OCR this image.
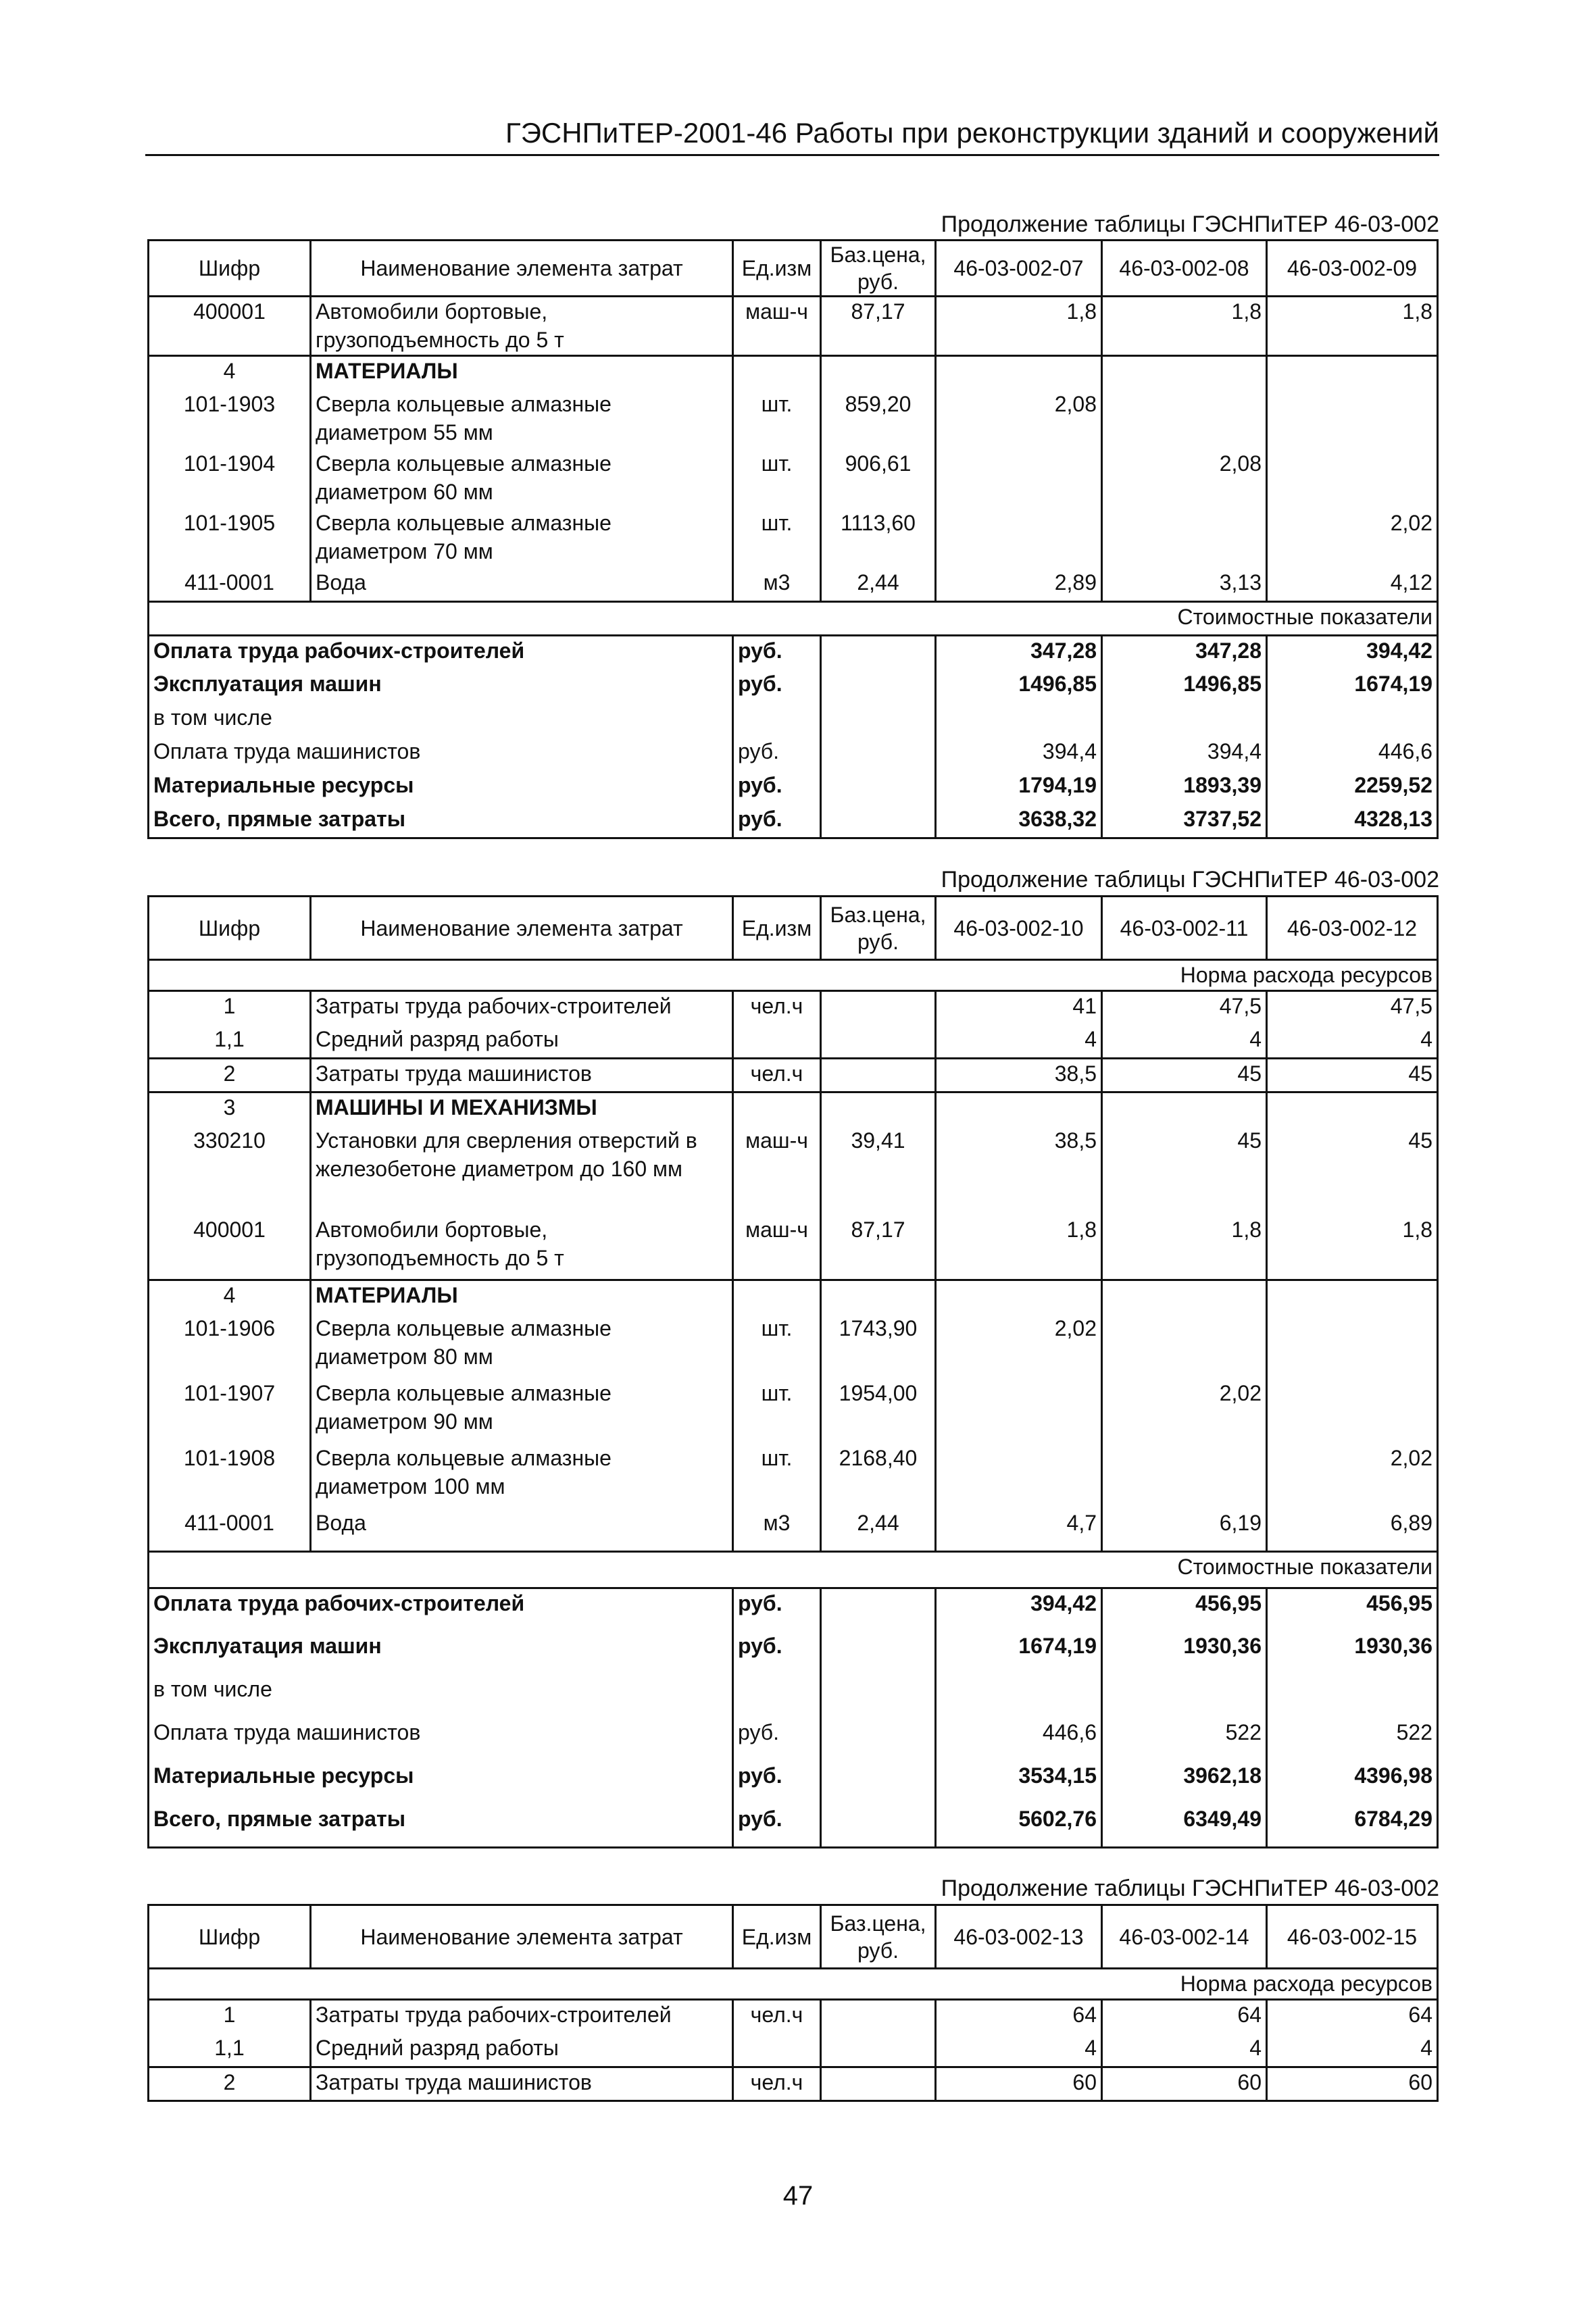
ГЭСНПиТЕР-2001-46 Работы при реконструкции зданий и сооружений
Продолжение таблицы ГЭСНПиТЕР 46-03-002
Шифр	Наименование элемента затрат	Ед.изм	Баз.цена, руб.	46-03-002-07	46-03-002-08	46-03-002-09
400001	Автомобили бортовые, грузоподъемность до 5 т	маш-ч	87,17	1,8	1,8	1,8
4	МАТЕРИАЛЫ					
101-1903	Сверла кольцевые алмазные диаметром 55 мм	шт.	859,20	2,08		
101-1904	Сверла кольцевые алмазные диаметром 60 мм	шт.	906,61		2,08	
101-1905	Сверла кольцевые алмазные диаметром 70 мм	шт.	1113,60			2,02
411-0001	Вода	м3	2,44	2,89	3,13	4,12
Стоимостные показатели						
Оплата труда рабочих-строителей		руб.		347,28	347,28	394,42
Эксплуатация машин		руб.		1496,85	1496,85	1674,19
в том числе						
Оплата труда машинистов		руб.		394,4	394,4	446,6
Материальные ресурсы		руб.		1794,19	1893,39	2259,52
Всего, прямые затраты		руб.		3638,32	3737,52	4328,13
Продолжение таблицы ГЭСНПиТЕР 46-03-002
Шифр	Наименование элемента затрат	Ед.изм	Баз.цена, руб.	46-03-002-10	46-03-002-11	46-03-002-12
Норма расхода ресурсов						
1	Затраты труда рабочих-строителей	чел.ч		41	47,5	47,5
1,1	Средний разряд работы			4	4	4
2	Затраты труда машинистов	чел.ч		38,5	45	45
3	МАШИНЫ И МЕХАНИЗМЫ					
330210	Установки для сверления отверстий в железобетоне диаметром до 160 мм	маш-ч	39,41	38,5	45	45
400001	Автомобили бортовые, грузоподъемность до 5 т	маш-ч	87,17	1,8	1,8	1,8
4	МАТЕРИАЛЫ					
101-1906	Сверла кольцевые алмазные диаметром 80 мм	шт.	1743,90	2,02		
101-1907	Сверла кольцевые алмазные диаметром 90 мм	шт.	1954,00		2,02	
101-1908	Сверла кольцевые алмазные диаметром 100 мм	шт.	2168,40			2,02
411-0001	Вода	м3	2,44	4,7	6,19	6,89
Стоимостные показатели						
Оплата труда рабочих-строителей		руб.		394,42	456,95	456,95
Эксплуатация машин		руб.		1674,19	1930,36	1930,36
в том числе						
Оплата труда машинистов		руб.		446,6	522	522
Материальные ресурсы		руб.		3534,15	3962,18	4396,98
Всего, прямые затраты		руб.		5602,76	6349,49	6784,29
Продолжение таблицы ГЭСНПиТЕР 46-03-002
Шифр	Наименование элемента затрат	Ед.изм	Баз.цена, руб.	46-03-002-13	46-03-002-14	46-03-002-15
Норма расхода ресурсов						
1	Затраты труда рабочих-строителей	чел.ч		64	64	64
1,1	Средний разряд работы			4	4	4
2	Затраты труда машинистов	чел.ч		60	60	60
47
